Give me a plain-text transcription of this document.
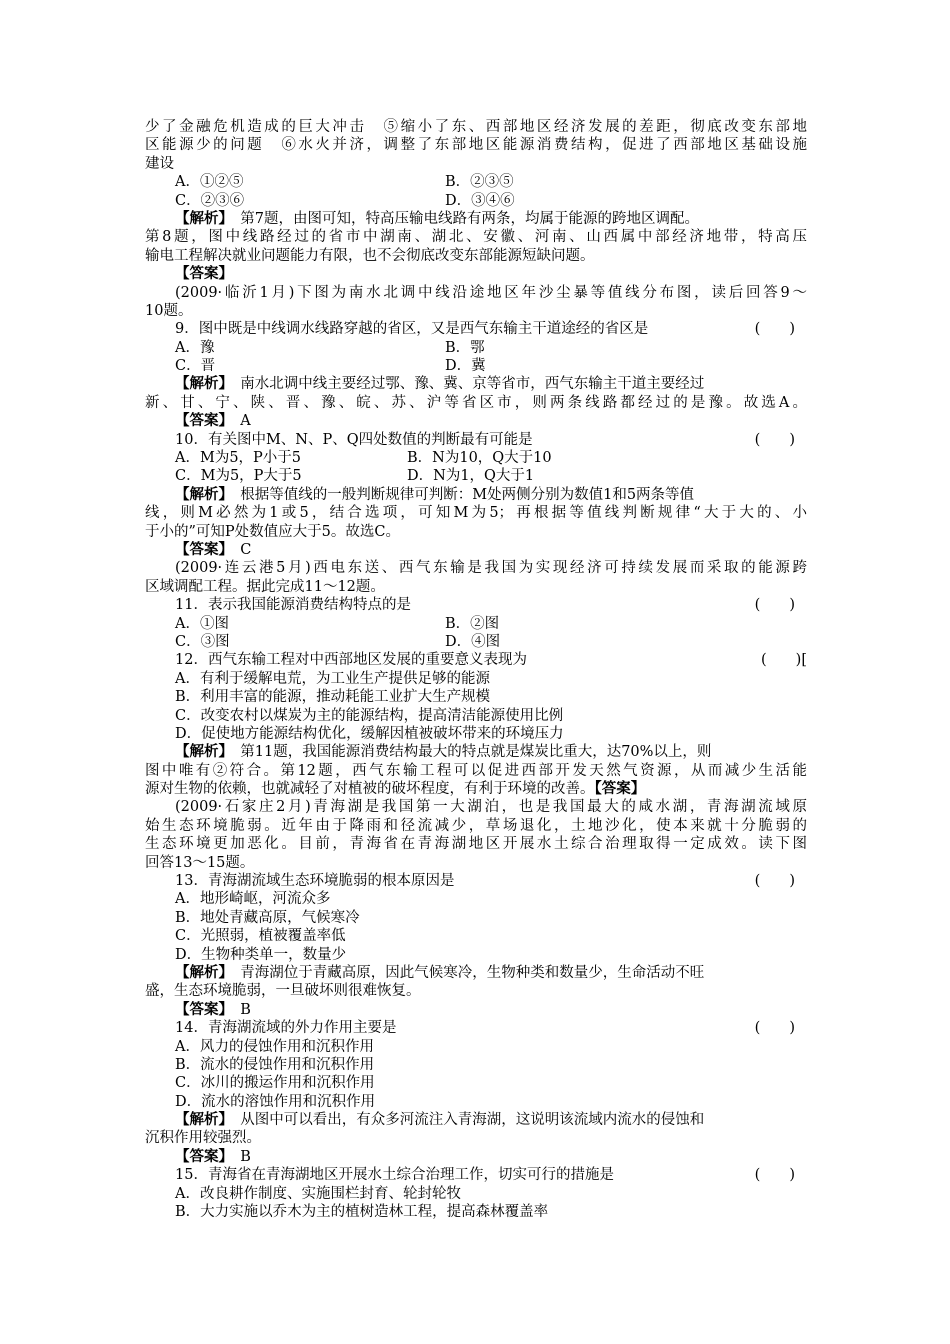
少了金融危机造成的巨大冲击　⑤缩小了东、西部地区经济发展的差距，彻底改变东部地
区能源少的问题　⑥水火并济，调整了东部地区能源消费结构，促进了西部地区基础设施
建设
A．①②⑤	B．②③⑤
C．②③⑥	D．③④⑥
【解析】　第7题，由图可知，特高压输电线路有两条，均属于能源的跨地区调配。
第8题，图中线路经过的省市中湖南、湖北、安徽、河南、山西属中部经济地带，特高压
输电工程解决就业问题能力有限，也不会彻底改变东部能源短缺问题。
【答案】
(2009·临沂1月)下图为南水北调中线沿途地区年沙尘暴等值线分布图，读后回答9～
10题。
9．图中既是中线调水线路穿越的省区，又是西气东输主干道途经的省区是	(　　)
A．豫	B．鄂
C．晋	D．冀
【解析】　南水北调中线主要经过鄂、豫、冀、京等省市，西气东输主干道主要经过
新、甘、宁、陕、晋、豫、皖、苏、沪等省区市，则两条线路都经过的是豫。故选A。
【答案】　A
10．有关图中M、N、P、Q四处数值的判断最有可能是	(　　)
A．M为5，P小于5	B．N为10，Q大于10
C．M为5，P大于5	D．N为1，Q大于1
【解析】　根据等值线的一般判断规律可判断：M处两侧分别为数值1和5两条等值
线，则M必然为1或5，结合选项，可知M为5；再根据等值线判断规律“大于大的、小
于小的”可知P处数值应大于5。故选C。
【答案】　C
(2009·连云港5月)西电东送、西气东输是我国为实现经济可持续发展而采取的能源跨
区域调配工程。据此完成11～12题。
11．表示我国能源消费结构特点的是	(　　)
A．①图	B．②图
C．③图	D．④图
12．西气东输工程对中西部地区发展的重要意义表现为	(　　)[
A．有利于缓解电荒，为工业生产提供足够的能源
B．利用丰富的能源，推动耗能工业扩大生产规模
C．改变农村以煤炭为主的能源结构，提高清洁能源使用比例
D．促使地方能源结构优化，缓解因植被破坏带来的环境压力
【解析】　第11题，我国能源消费结构最大的特点就是煤炭比重大，达70%以上，则
图中唯有②符合。第12题，西气东输工程可以促进西部开发天然气资源，从而减少生活能
源对生物的依赖，也就减轻了对植被的破坏程度，有利于环境的改善。【答案】
(2009·石家庄2月)青海湖是我国第一大湖泊，也是我国最大的咸水湖，青海湖流域原
始生态环境脆弱。近年由于降雨和径流减少，草场退化，土地沙化，使本来就十分脆弱的
生态环境更加恶化。目前，青海省在青海湖地区开展水土综合治理取得一定成效。读下图
回答13～15题。
13．青海湖流域生态环境脆弱的根本原因是	(　　)
A．地形崎岖，河流众多
B．地处青藏高原，气候寒冷
C．光照弱，植被覆盖率低
D．生物种类单一，数量少
【解析】　青海湖位于青藏高原，因此气候寒冷，生物种类和数量少，生命活动不旺
盛，生态环境脆弱，一旦破坏则很难恢复。
【答案】　B
14．青海湖流域的外力作用主要是	(　　)
A．风力的侵蚀作用和沉积作用
B．流水的侵蚀作用和沉积作用
C．冰川的搬运作用和沉积作用
D．流水的溶蚀作用和沉积作用
【解析】　从图中可以看出，有众多河流注入青海湖，这说明该流域内流水的侵蚀和
沉积作用较强烈。
【答案】　B
15．青海省在青海湖地区开展水土综合治理工作，切实可行的措施是	(　　)
A．改良耕作制度、实施围栏封育、轮封轮牧
B．大力实施以乔木为主的植树造林工程，提高森林覆盖率
